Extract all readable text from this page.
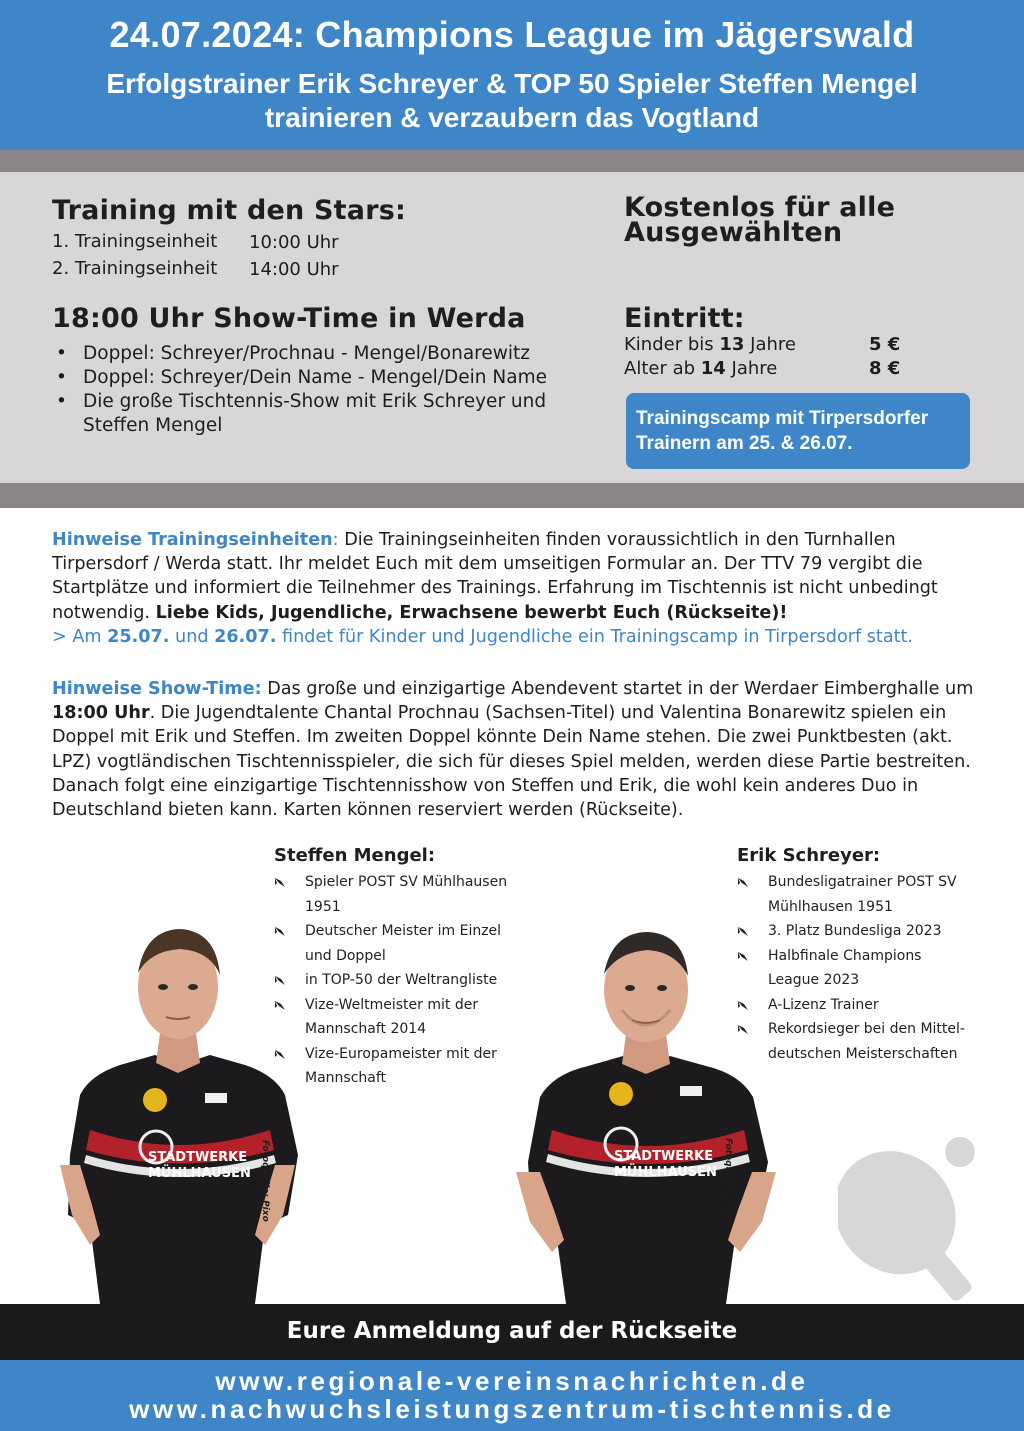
24.07.2024: Champions League im Jägerswald
Erfolgstrainer Erik Schreyer & TOP 50 Spieler Steffen Mengel
trainieren & verzaubern das Vogtland
Training mit den Stars:
1. Trainingseinheit 10:00 Uhr
2. Trainingseinheit 14:00 Uhr
Kostenlos für alle
Ausgewählten
18:00 Uhr Show-Time in Werda
• Doppel: Schreyer/Prochnau - Mengel/Bonarewitz
• Doppel: Schreyer/Dein Name - Mengel/Dein Name
• Die große Tischtennis-Show mit Erik Schreyer und
Steffen Mengel
Eintritt:
Kinder bis 13 Jahre	5 €
Alter ab 14 Jahre	8 €
Trainingscamp mit Tirpersdorfer
Trainern am 25. & 26.07.
Hinweise Trainingseinheiten: Die Trainingseinheiten finden voraussichtlich in den Turnhallen Tirpersdorf / Werda statt. Ihr meldet Euch mit dem umseitigen Formular an. Der TTV 79 vergibt die Startplätze und informiert die Teilnehmer des Trainings. Erfahrung im Tischtennis ist nicht unbedingt notwendig. Liebe Kids, Jugendliche, Erwachsene bewerbt Euch (Rückseite)!
> Am 25.07. und 26.07. findet für Kinder und Jugendliche ein Trainingscamp in Tirpersdorf statt.
Hinweise Show-Time: Das große und einzigartige Abendevent startet in der Werdaer Eimberghalle um 18:00 Uhr. Die Jugendtalente Chantal Prochnau (Sachsen-Titel) und Valentina Bonarewitz spielen ein Doppel mit Erik und Steffen. Im zweiten Doppel könnte Dein Name stehen. Die zwei Punktbesten (akt. LPZ) vogtländischen Tischtennisspieler, die sich für dieses Spiel melden, werden diese Partie bestreiten. Danach folgt eine einzigartige Tischtennisshow von Steffen und Erik, die wohl kein anderes Duo in Deutschland bieten kann. Karten können reserviert werden (Rückseite).
Steffen Mengel:
Spieler POST SV Mühlhausen
1951
Deutscher Meister im Einzel
und Doppel
in TOP-50 der Weltrangliste
Vize-Weltmeister mit der
Mannschaft 2014
Vize-Europameister mit der
Mannschaft
Erik Schreyer:
Bundesligatrainer POST SV
Mühlhausen 1951
3. Platz Bundesliga 2023
Halbfinale Champions
League 2023
A-Lizenz Trainer
Rekordsieger bei den Mittel-
deutschen Meisterschaften
STADTWERKE
MÜHLHAUSEN Fotoquelle: Pixo	STADTWERKE
MÜHLHAUSEN Fotoquelle: Pixo
Eure Anmeldung auf der Rückseite
www.regionale-vereinsnachrichten.de
www.nachwuchsleistungszentrum-tischtennis.de
